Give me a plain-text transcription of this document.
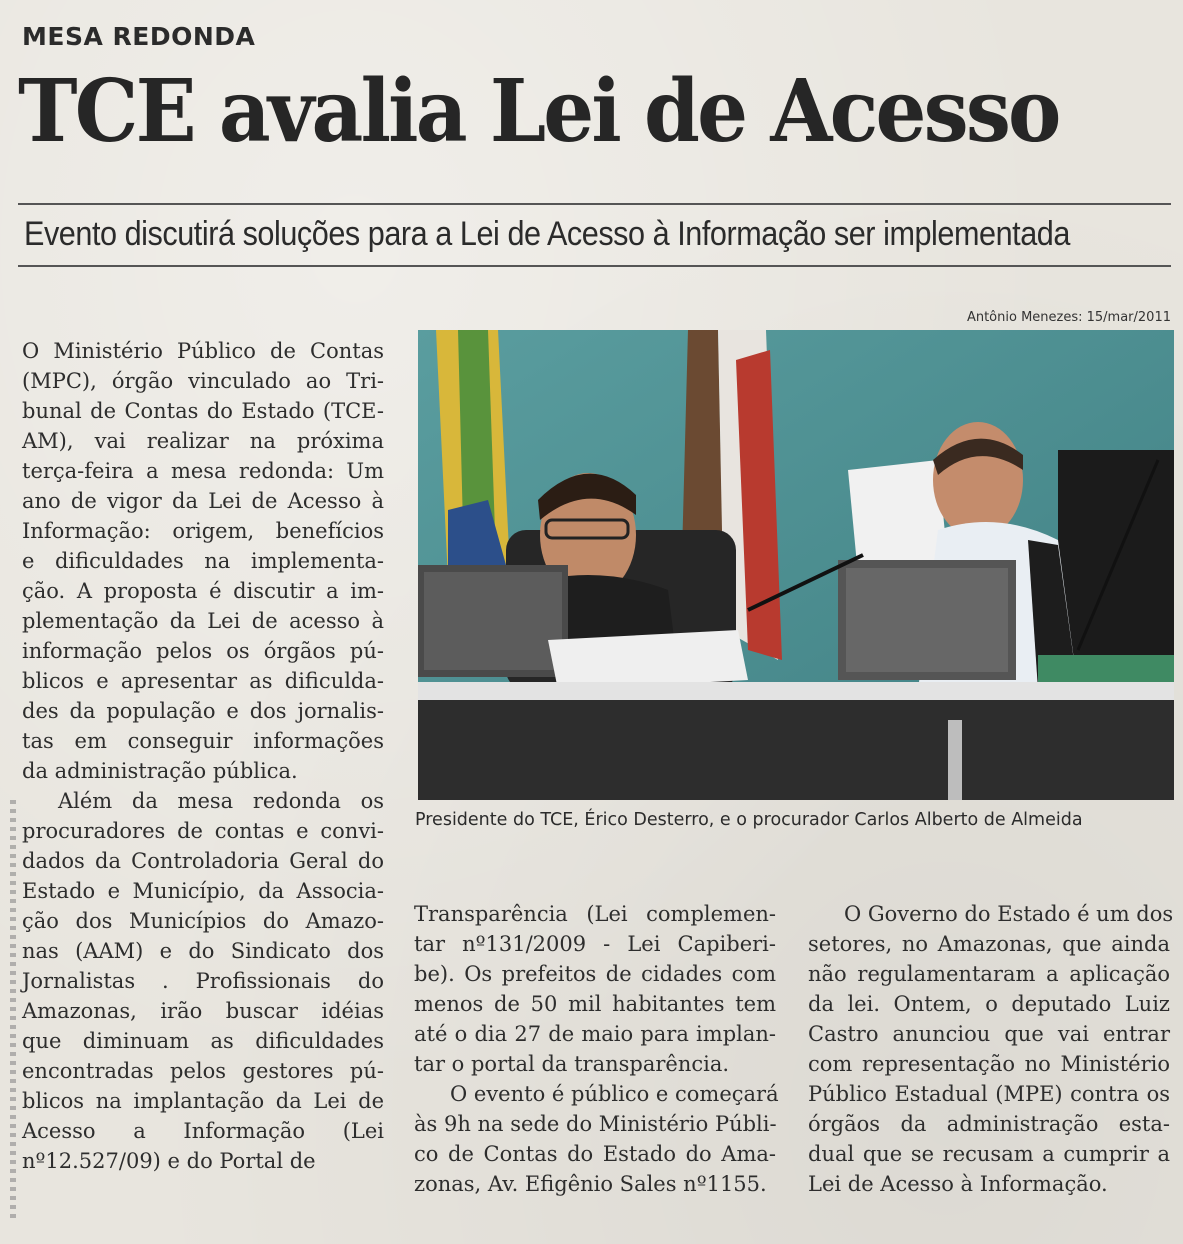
MESA REDONDA
TCE avalia Lei de Acesso
Evento discutirá soluções para a Lei de Acesso à Informação ser implementada
Antônio Menezes: 15/mar/2011
Presidente do TCE, Érico Desterro, e o procurador Carlos Alberto de Almeida
O Ministério Público de Contas
(MPC), órgão vinculado ao Tri-
bunal de Contas do Estado (TCE-
AM), vai realizar na próxima
terça-feira a mesa redonda: Um
ano de vigor da Lei de Acesso à
Informação: origem, benefícios
e dificuldades na implementa-
ção. A proposta é discutir a im-
plementação da Lei de acesso à
informação pelos os órgãos pú-
blicos e apresentar as dificulda-
des da população e dos jornalis-
tas em conseguir informações
da administração pública.
Além da mesa redonda os
procuradores de contas e convi-
dados da Controladoria Geral do
Estado e Município, da Associa-
ção dos Municípios do Amazo-
nas (AAM) e do Sindicato dos
Jornalistas . Profissionais do
Amazonas, irão buscar idéias
que diminuam as dificuldades
encontradas pelos gestores pú-
blicos na implantação da Lei de
Acesso a Informação (Lei
nº12.527/09) e do Portal de
Transparência (Lei complemen-
tar nº131/2009 - Lei Capiberi-
be). Os prefeitos de cidades com
menos de 50 mil habitantes tem
até o dia 27 de maio para implan-
tar o portal da transparência.
O evento é público e começará
às 9h na sede do Ministério Públi-
co de Contas do Estado do Ama-
zonas, Av. Efigênio Sales nº1155.
O Governo do Estado é um dos
setores, no Amazonas, que ainda
não regulamentaram a aplicação
da lei. Ontem, o deputado Luiz
Castro anunciou que vai entrar
com representação no Ministério
Público Estadual (MPE) contra os
órgãos da administração esta-
dual que se recusam a cumprir a
Lei de Acesso à Informação.
